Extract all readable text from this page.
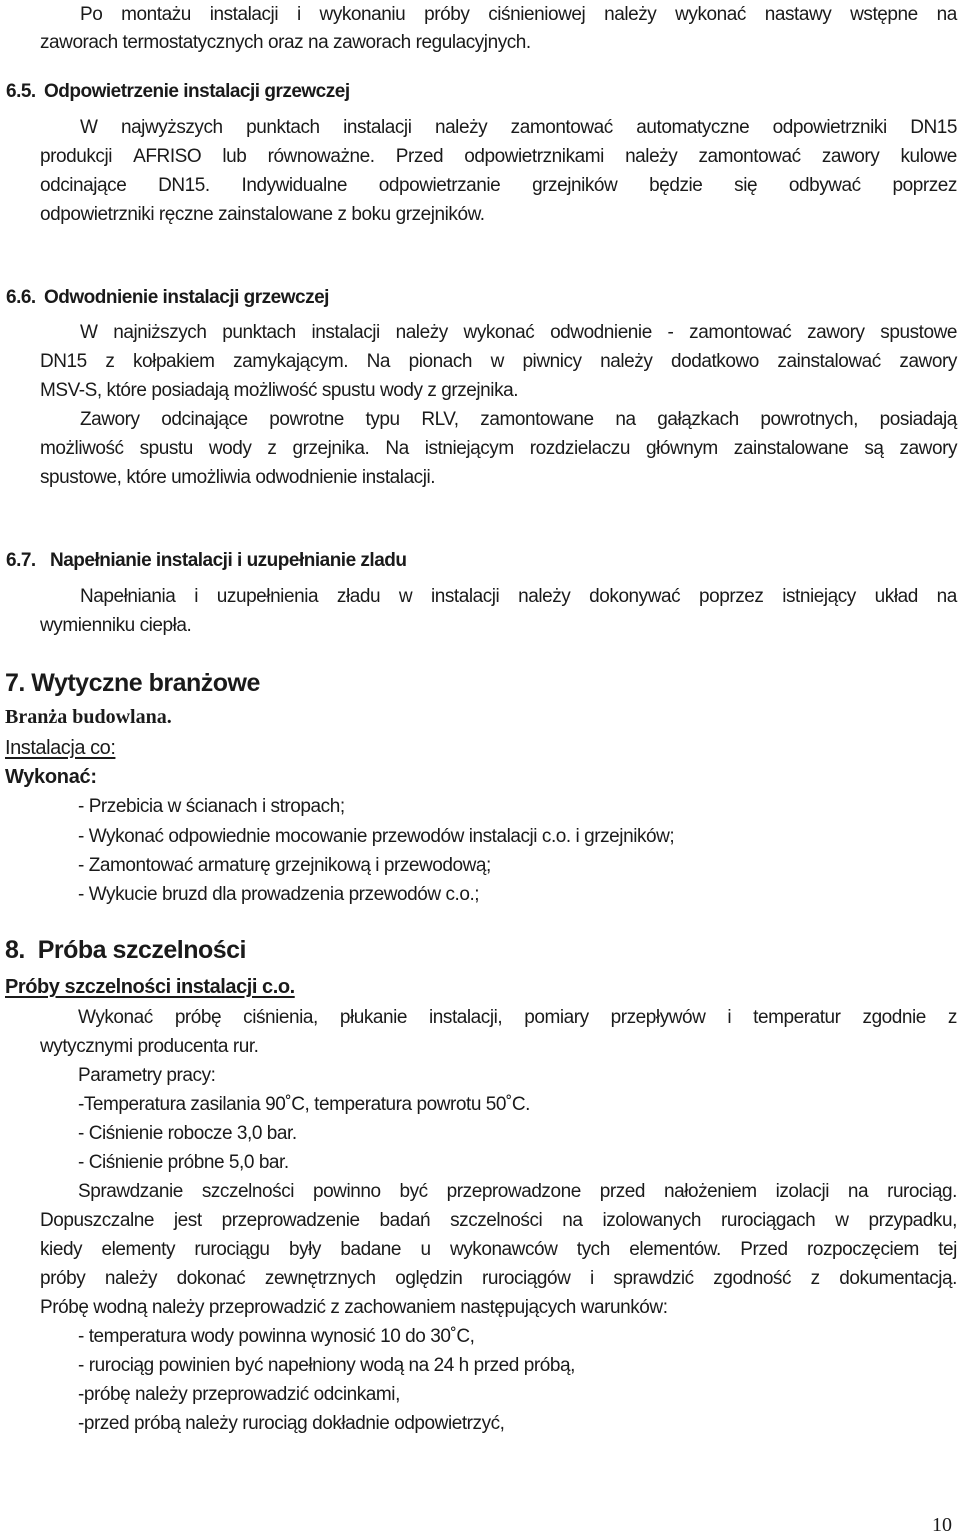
Po montażu instalacji i wykonaniu próby ciśnieniowej należy wykonać nastawy wstępne na
zaworach termostatycznych oraz na zaworach regulacyjnych.
6.5. Odpowietrzenie instalacji grzewczej
W najwyższych punktach instalacji należy zamontować automatyczne odpowietrzniki DN15
produkcji AFRISO lub równoważne. Przed odpowietrznikami należy zamontować zawory kulowe
odcinające DN15. Indywidualne odpowietrzanie grzejników będzie się odbywać poprzez
odpowietrzniki ręczne zainstalowane z boku grzejników.
6.6. Odwodnienie instalacji grzewczej
W najniższych punktach instalacji należy wykonać odwodnienie - zamontować zawory spustowe
DN15 z kołpakiem zamykającym. Na pionach w piwnicy należy dodatkowo zainstalować zawory
MSV-S, które posiadają możliwość spustu wody z grzejnika.
Zawory odcinające powrotne typu RLV, zamontowane na gałązkach powrotnych, posiadają
możliwość spustu wody z grzejnika. Na istniejącym rozdzielaczu głównym zainstalowane są zawory
spustowe, które umożliwia odwodnienie instalacji.
6.7. Napełnianie instalacji i uzupełnianie zladu
Napełniania i uzupełnienia zładu w instalacji należy dokonywać poprzez istniejący układ na
wymienniku ciepła.
7. Wytyczne branżowe
Branża budowlana.
Instalacja co:
Wykonać:
- Przebicia w ścianach i stropach;
- Wykonać odpowiednie mocowanie przewodów instalacji c.o. i grzejników;
- Zamontować armaturę grzejnikową i przewodową;
- Wykucie bruzd dla prowadzenia przewodów c.o.;
8.  Próba szczelności
Próby szczelności instalacji c.o.
Wykonać próbę ciśnienia, płukanie instalacji, pomiary przepływów i temperatur zgodnie z
wytycznymi producenta rur.
Parametry pracy:
-Temperatura zasilania 90˚C, temperatura powrotu 50˚C.
- Ciśnienie robocze 3,0 bar.
- Ciśnienie próbne 5,0 bar.
Sprawdzanie szczelności powinno być przeprowadzone przed nałożeniem izolacji na rurociąg.
Dopuszczalne jest przeprowadzenie badań szczelności na izolowanych rurociągach w przypadku,
kiedy elementy rurociągu były badane u wykonawców tych elementów. Przed rozpoczęciem tej
próby należy dokonać zewnętrznych oględzin rurociągów i sprawdzić zgodność z dokumentacją.
Próbę wodną należy przeprowadzić z zachowaniem następujących warunków:
- temperatura wody powinna wynosić 10 do 30˚C,
- rurociąg powinien być napełniony wodą na 24 h przed próbą,
-próbę należy przeprowadzić odcinkami,
-przed próbą należy rurociąg dokładnie odpowietrzyć,
10
